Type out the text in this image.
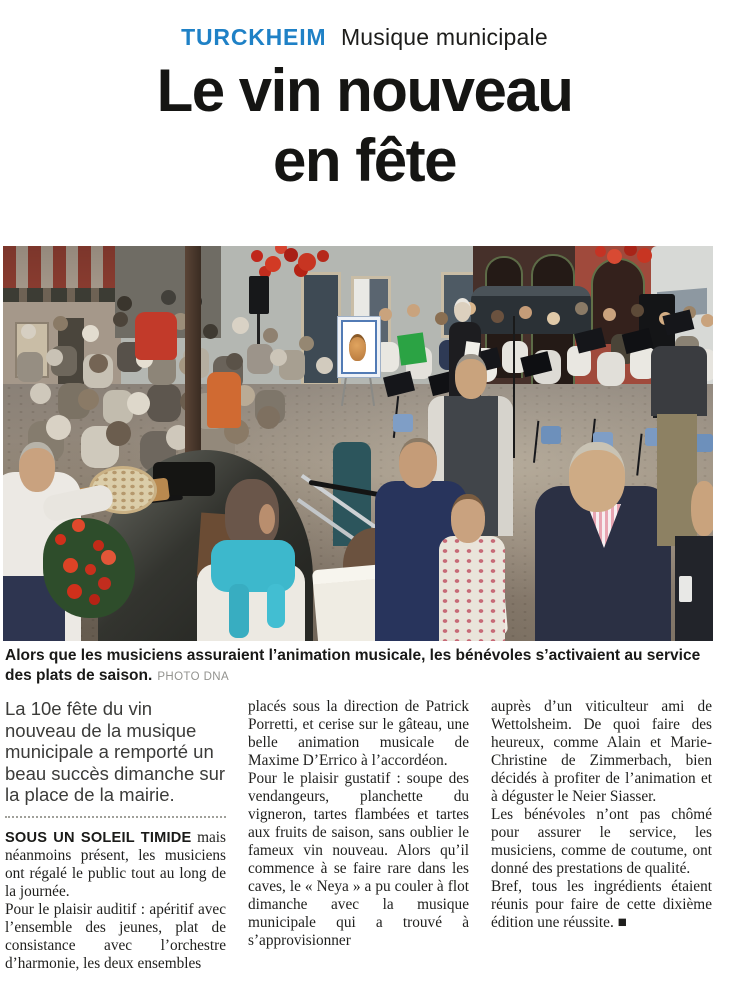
TURCKHEIM Musique municipale
Le vin nouveau
en fête

Alors que les musiciens assuraient l’animation musicale, les bénévoles s’activaient au service des plats de saison. PHOTO DNA

La 10e fête du vin nouveau de la musique municipale a remporté un beau succès dimanche sur la place de la mairie.

SOUS UN SOLEIL TIMIDE mais néanmoins présent, les musiciens ont régalé le public tout au long de la journée.

Pour le plaisir auditif : apéritif avec l’ensemble des jeunes, plat de consistance avec l’orchestre d’harmonie, les deux ensembles

placés sous la direction de Patrick Porretti, et cerise sur le gâteau, une belle animation musicale de Maxime D’Errico à l’accordéon.

Pour le plaisir gustatif : soupe des vendangeurs, planchette du vigneron, tartes flambées et tartes aux fruits de saison, sans oublier le fameux vin nouveau. Alors qu’il commence à se faire rare dans les caves, le « Neya » a pu couler à flot dimanche avec la musique municipale qui a trouvé à s’approvisionner

auprès d’un viticulteur ami de Wettolsheim. De quoi faire des heureux, comme Alain et Marie-Christine de Zimmerbach, bien décidés à profiter de l’animation et à déguster le Neier Siasser.

Les bénévoles n’ont pas chômé pour assurer le service, les musiciens, comme de coutume, ont donné des prestations de qualité.

Bref, tous les ingrédients étaient réunis pour faire de cette dixième édition une réussite. ■
